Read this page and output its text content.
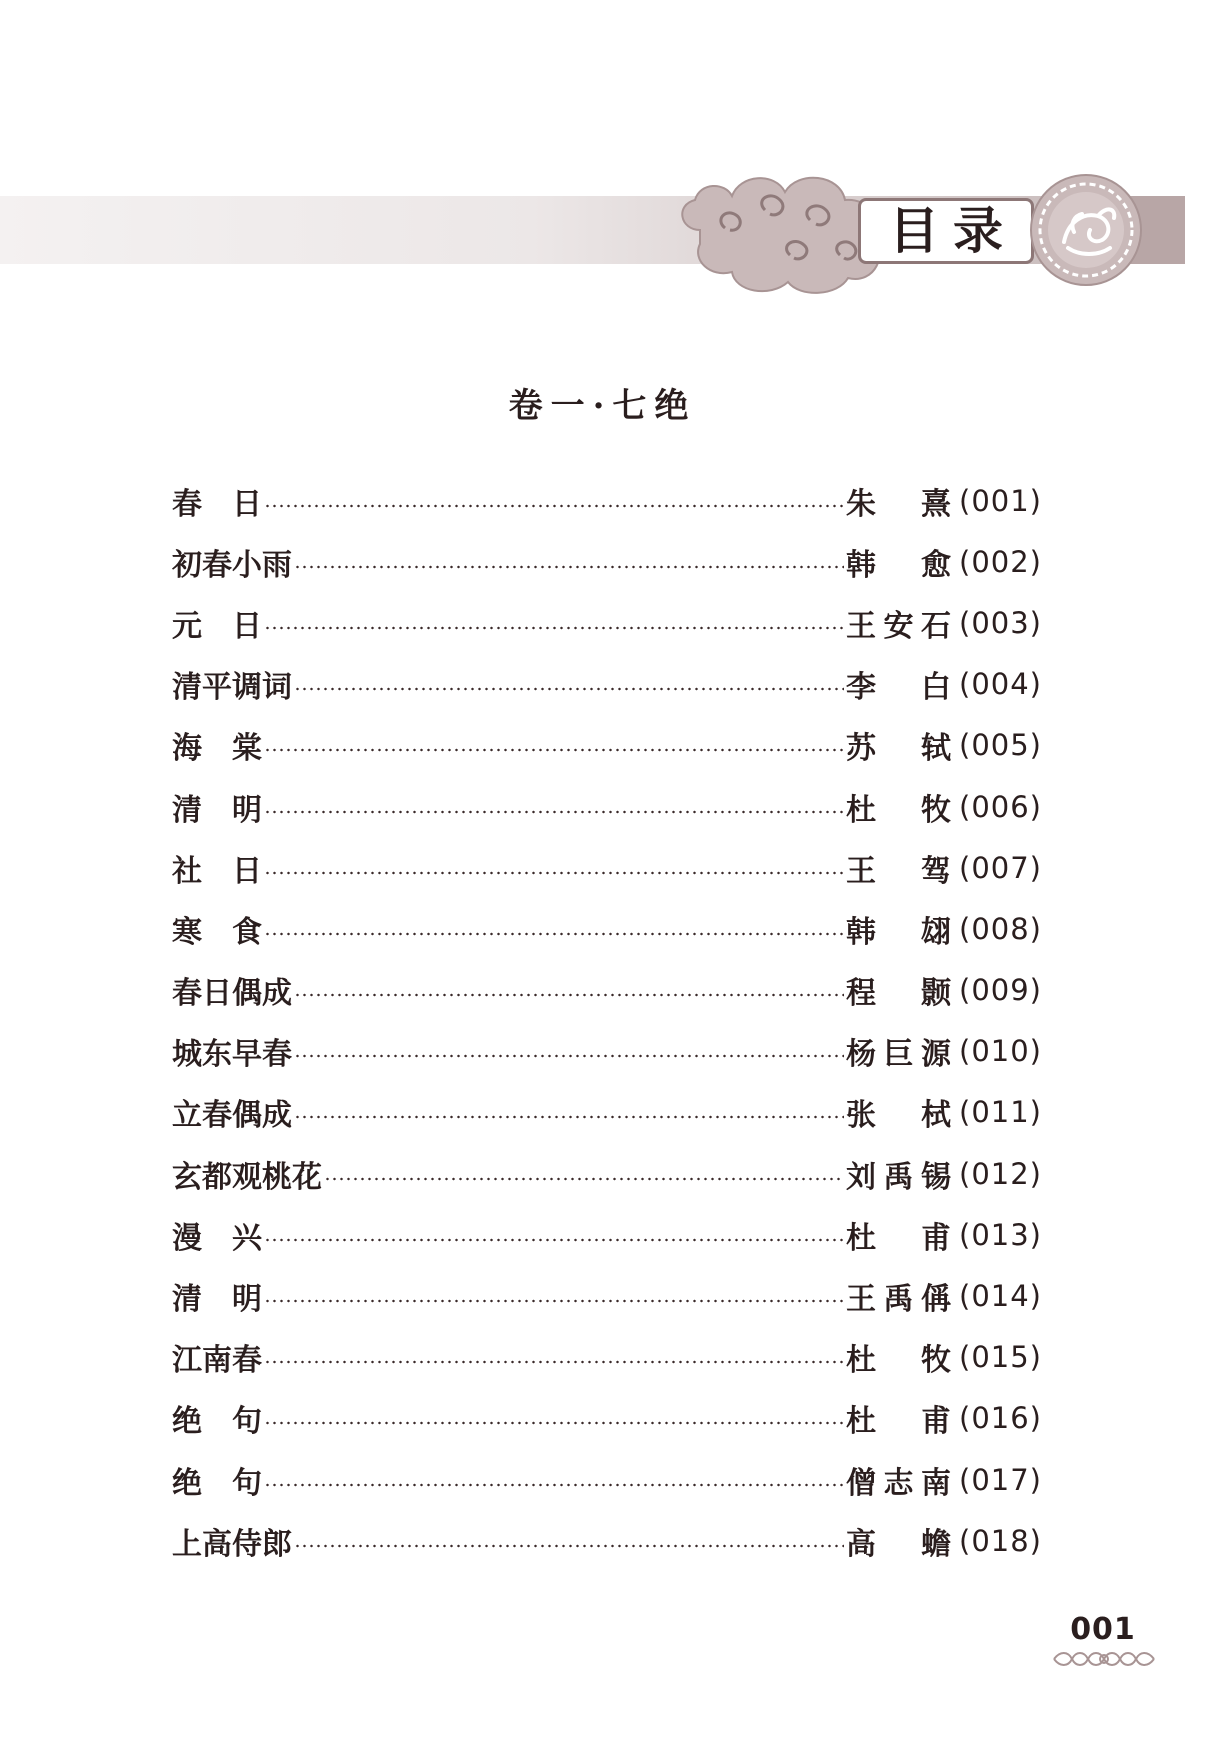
目录
卷一·七绝
春　日	朱 熹 (001)
初春小雨	韩 愈 (002)
元　日	王 安 石 (003)
清平调词	李 白 (004)
海　棠	苏 轼 (005)
清　明	杜 牧 (006)
社　日	王 驾 (007)
寒　食	韩 翃 (008)
春日偶成	程 颢 (009)
城东早春	杨 巨 源 (010)
立春偶成	张 栻 (011)
玄都观桃花	刘 禹 锡 (012)
漫　兴	杜 甫 (013)
清　明	王 禹 偁 (014)
江南春	杜 牧 (015)
绝　句	杜 甫 (016)
绝　句	僧 志 南 (017)
上高侍郎	高 蟾 (018)
001
